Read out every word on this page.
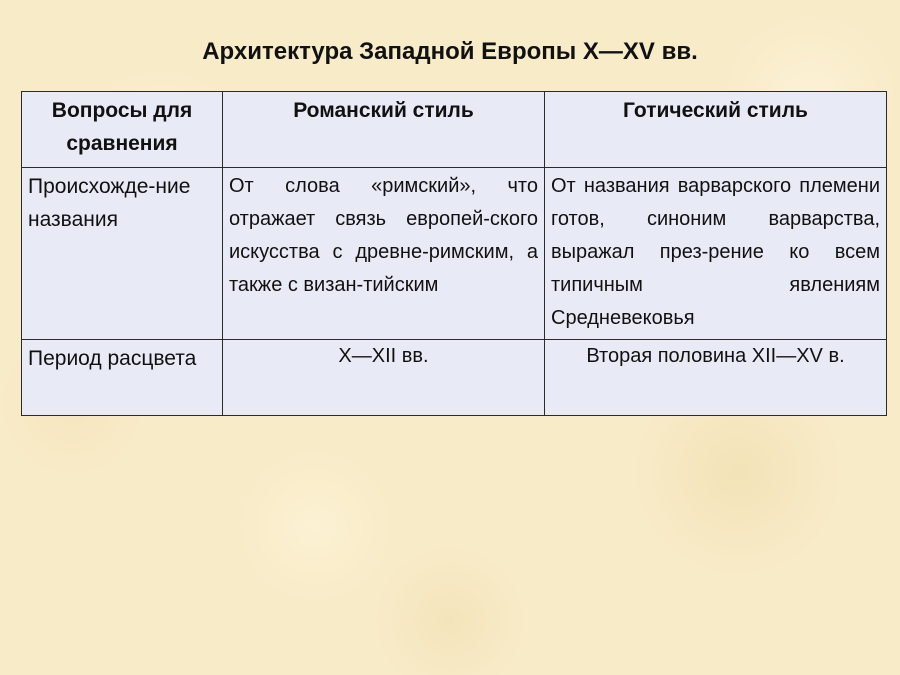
Архитектура Западной Европы X—XV вв.
Вопросы для сравнения	Романский стиль	Готический стиль
Происхожде-ние названия	От слова «римский», что отражает связь европей-ского искусства с древне-римским, а также с визан-тийским	От названия варварского племени готов, синоним варварства, выражал през-рение ко всем типичным явлениям Средневековья
Период расцвета	X—XII вв.	Вторая половина XII—XV в.
